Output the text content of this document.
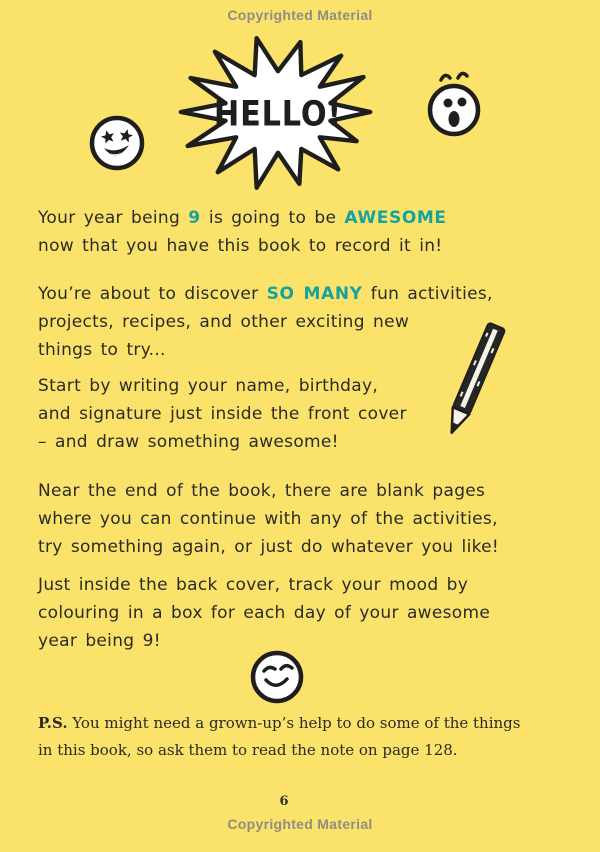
Copyrighted Material
HELLO!
Your year being 9 is going to be AWESOME
now that you have this book to record it in!
You’re about to discover SO MANY fun activities,
projects, recipes, and other exciting new
things to try...
Start by writing your name, birthday,
and signature just inside the front cover
– and draw something awesome!
Near the end of the book, there are blank pages
where you can continue with any of the activities,
try something again, or just do whatever you like!
Just inside the back cover, track your mood by
colouring in a box for each day of your awesome
year being 9!
P.S. You might need a grown-up’s help to do some of the things
in this book, so ask them to read the note on page 128.
6
Copyrighted Material
